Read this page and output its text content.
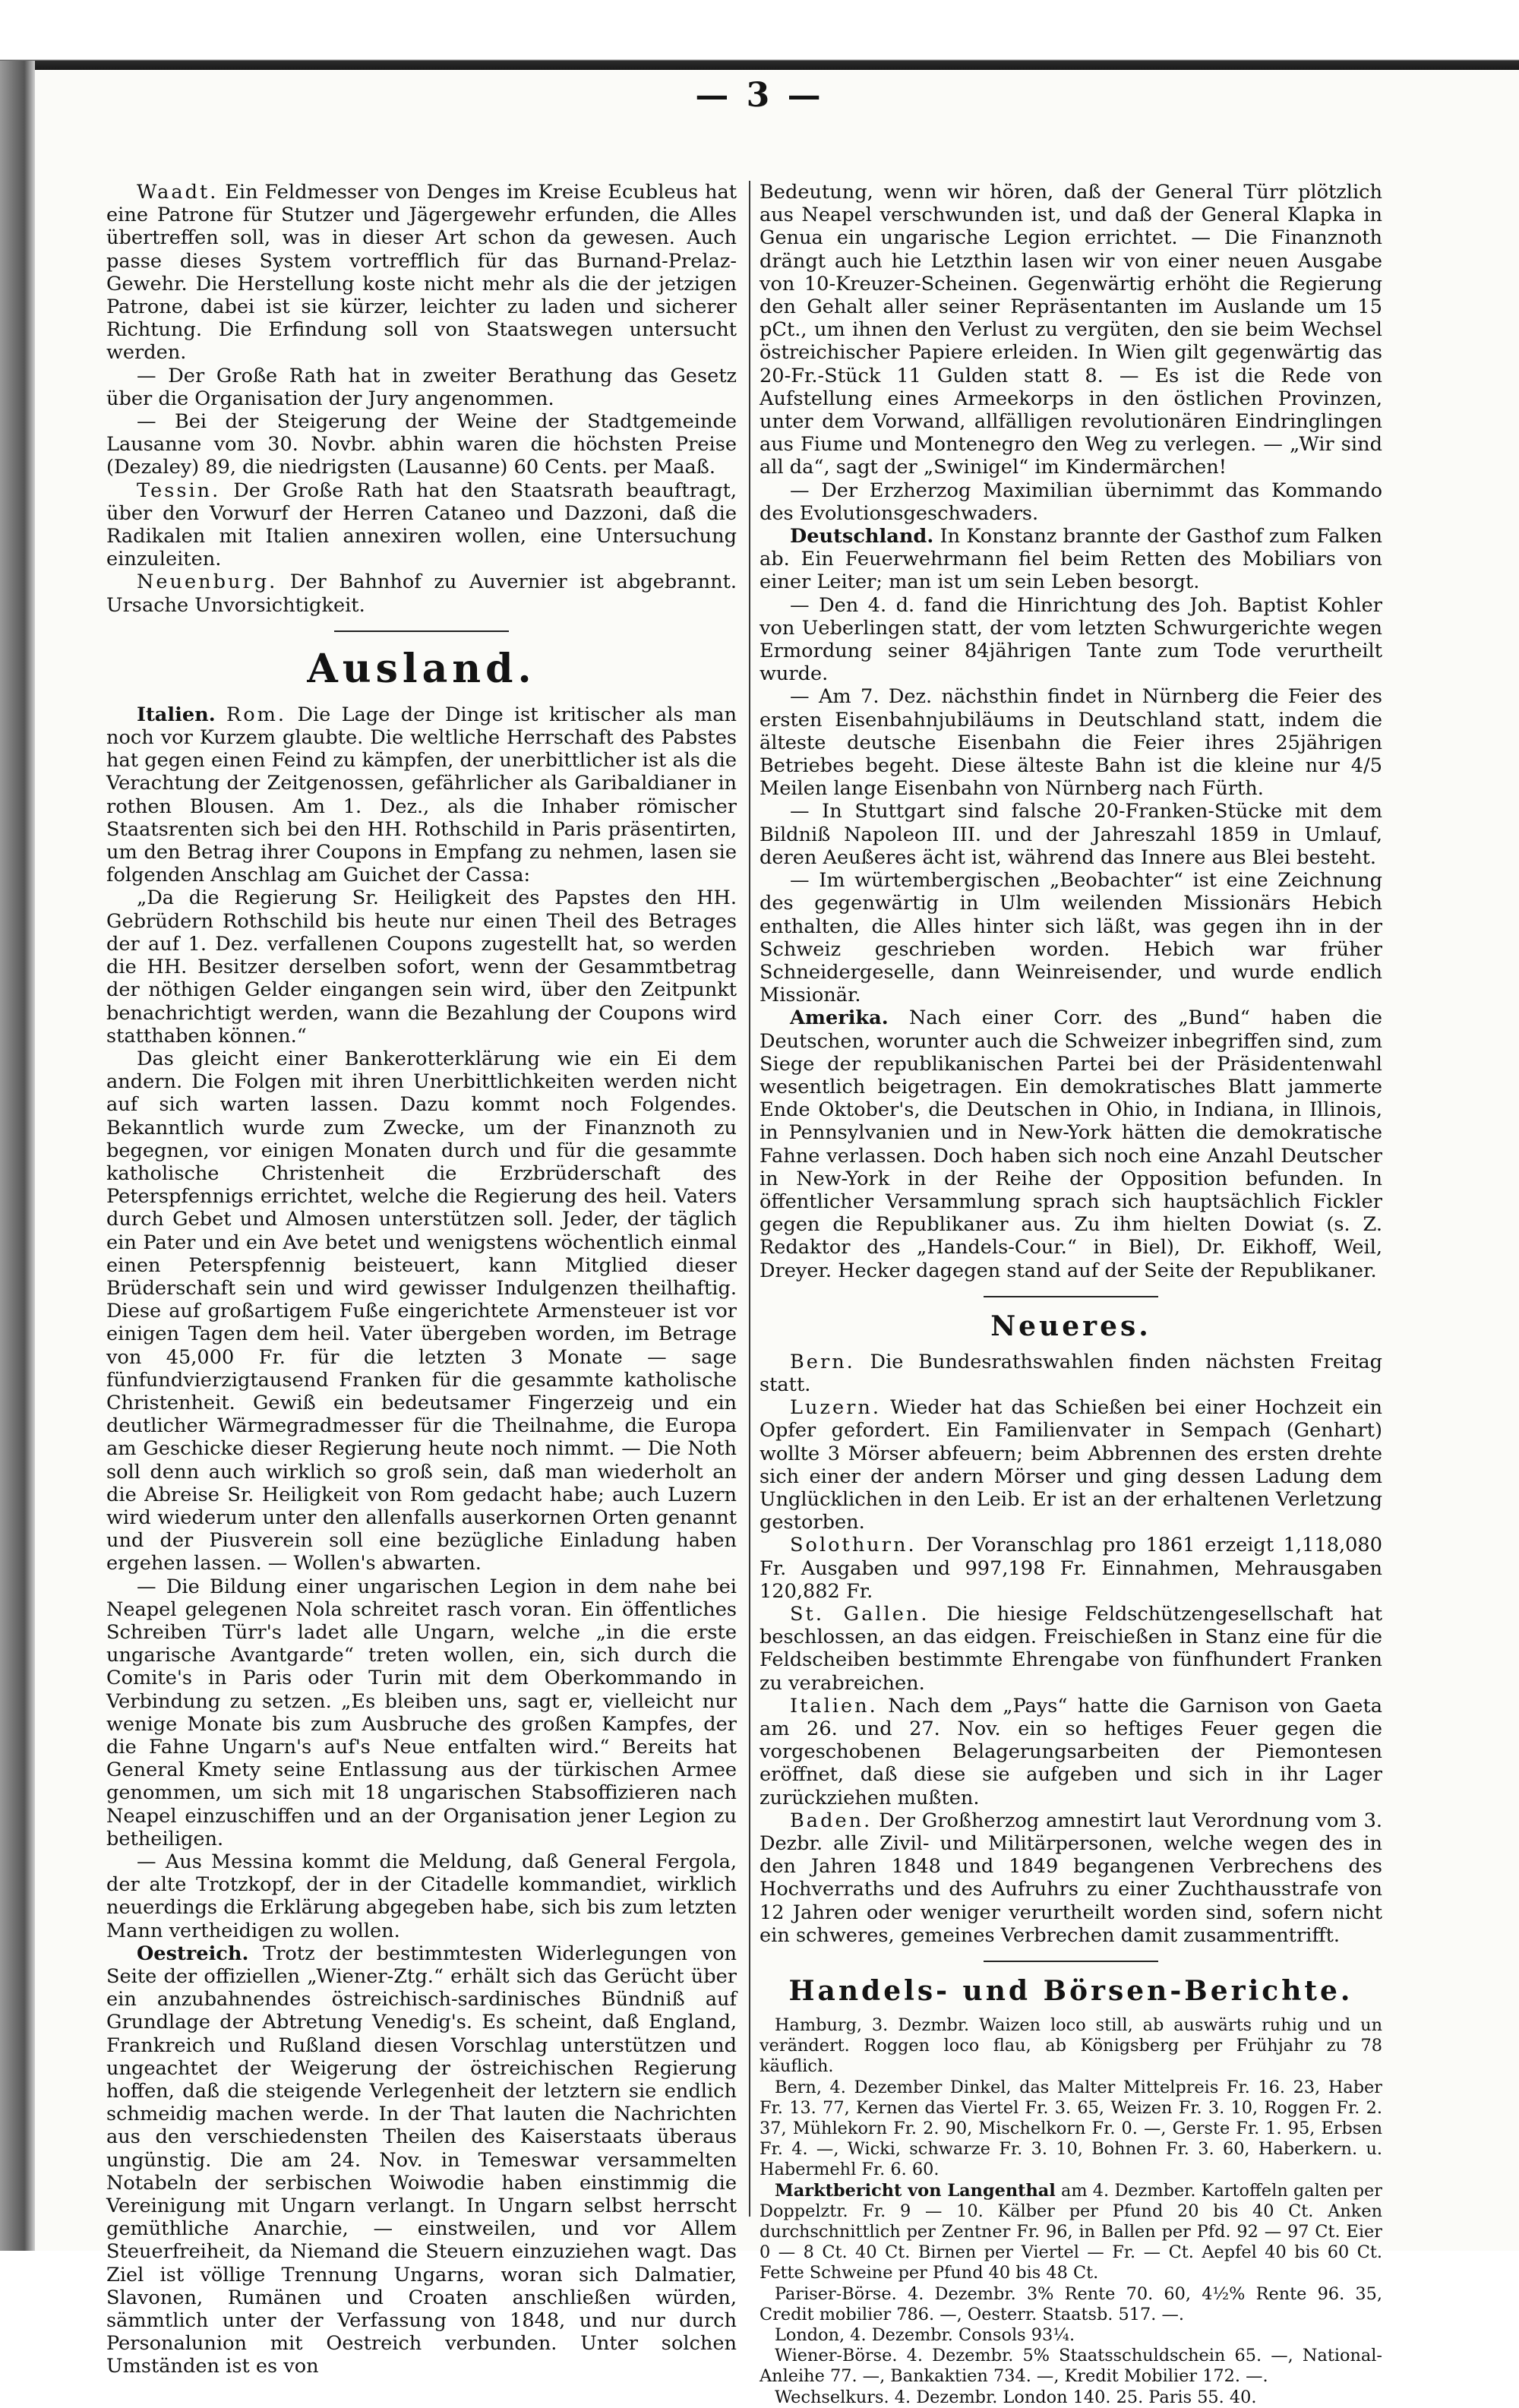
— 3 —

Waadt. Ein Feldmesser von Denges im Kreise Ecubleus hat eine Patrone für Stutzer und Jägergewehr erfunden, die Alles übertreffen soll, was in dieser Art schon da gewesen. Auch passe dieses System vortrefflich für das Burnand-Prelaz-Gewehr. Die Herstellung koste nicht mehr als die der jetzigen Patrone, dabei ist sie kürzer, leichter zu laden und sicherer Richtung. Die Erfindung soll von Staatswegen untersucht werden.

— Der Große Rath hat in zweiter Berathung das Gesetz über die Organisation der Jury angenommen.

— Bei der Steigerung der Weine der Stadtgemeinde Lausanne vom 30. Novbr. abhin waren die höchsten Preise (Dezaley) 89, die niedrigsten (Lausanne) 60 Cents. per Maaß.

Tessin. Der Große Rath hat den Staatsrath beauftragt, über den Vorwurf der Herren Cataneo und Dazzoni, daß die Radikalen mit Italien annexiren wollen, eine Untersuchung einzuleiten.

Neuenburg. Der Bahnhof zu Auvernier ist abgebrannt. Ursache Unvorsichtigkeit.

Ausland.

Italien. Rom. Die Lage der Dinge ist kritischer als man noch vor Kurzem glaubte. Die weltliche Herrschaft des Pabstes hat gegen einen Feind zu kämpfen, der unerbittlicher ist als die Verachtung der Zeitgenossen, gefährlicher als Garibaldianer in rothen Blousen. Am 1. Dez., als die Inhaber römischer Staatsrenten sich bei den HH. Rothschild in Paris präsentirten, um den Betrag ihrer Coupons in Empfang zu nehmen, lasen sie folgenden Anschlag am Guichet der Cassa:

„Da die Regierung Sr. Heiligkeit des Papstes den HH. Gebrüdern Rothschild bis heute nur einen Theil des Betrages der auf 1. Dez. verfallenen Coupons zugestellt hat, so werden die HH. Besitzer derselben sofort, wenn der Gesammtbetrag der nöthigen Gelder eingangen sein wird, über den Zeitpunkt benachrichtigt werden, wann die Bezahlung der Coupons wird statthaben können.“

Das gleicht einer Bankerotterklärung wie ein Ei dem andern. Die Folgen mit ihren Unerbittlichkeiten werden nicht auf sich warten lassen. Dazu kommt noch Folgendes. Bekanntlich wurde zum Zwecke, um der Finanznoth zu begegnen, vor einigen Monaten durch und für die gesammte katholische Christenheit die Erzbrüderschaft des Peterspfennigs errichtet, welche die Regierung des heil. Vaters durch Gebet und Almosen unterstützen soll. Jeder, der täglich ein Pater und ein Ave betet und wenigstens wöchentlich einmal einen Peterspfennig beisteuert, kann Mitglied dieser Brüderschaft sein und wird gewisser Indulgenzen theilhaftig. Diese auf großartigem Fuße eingerichtete Armensteuer ist vor einigen Tagen dem heil. Vater übergeben worden, im Betrage von 45,000 Fr. für die letzten 3 Monate — sage fünfundvierzigtausend Franken für die gesammte katholische Christenheit. Gewiß ein bedeutsamer Fingerzeig und ein deutlicher Wärmegradmesser für die Theilnahme, die Europa am Geschicke dieser Regierung heute noch nimmt. — Die Noth soll denn auch wirklich so groß sein, daß man wiederholt an die Abreise Sr. Heiligkeit von Rom gedacht habe; auch Luzern wird wiederum unter den allenfalls auserkornen Orten genannt und der Piusverein soll eine bezügliche Einladung haben ergehen lassen. — Wollen's abwarten.

— Die Bildung einer ungarischen Legion in dem nahe bei Neapel gelegenen Nola schreitet rasch voran. Ein öffentliches Schreiben Türr's ladet alle Ungarn, welche „in die erste ungarische Avantgarde“ treten wollen, ein, sich durch die Comite's in Paris oder Turin mit dem Oberkommando in Verbindung zu setzen. „Es bleiben uns, sagt er, vielleicht nur wenige Monate bis zum Ausbruche des großen Kampfes, der die Fahne Ungarn's auf's Neue entfalten wird.“ Bereits hat General Kmety seine Entlassung aus der türkischen Armee genommen, um sich mit 18 ungarischen Stabsoffizieren nach Neapel einzuschiffen und an der Organisation jener Legion zu betheiligen.

— Aus Messina kommt die Meldung, daß General Fergola, der alte Trotzkopf, der in der Citadelle kommandiet, wirklich neuerdings die Erklärung abgegeben habe, sich bis zum letzten Mann vertheidigen zu wollen.

Oestreich. Trotz der bestimmtesten Widerlegungen von Seite der offiziellen „Wiener-Ztg.“ erhält sich das Gerücht über ein anzubahnendes östreichisch-sardinisches Bündniß auf Grundlage der Abtretung Venedig's. Es scheint, daß England, Frankreich und Rußland diesen Vorschlag unterstützen und ungeachtet der Weigerung der östreichischen Regierung hoffen, daß die steigende Verlegenheit der letztern sie endlich schmeidig machen werde. In der That lauten die Nachrichten aus den verschiedensten Theilen des Kaiserstaats überaus ungünstig. Die am 24. Nov. in Temeswar versammelten Notabeln der serbischen Woiwodie haben einstimmig die Vereinigung mit Ungarn verlangt. In Ungarn selbst herrscht gemüthliche Anarchie, — einstweilen, und vor Allem Steuerfreiheit, da Niemand die Steuern einzuziehen wagt. Das Ziel ist völlige Trennung Ungarns, woran sich Dalmatier, Slavonen, Rumänen und Croaten anschließen würden, sämmtlich unter der Verfassung von 1848, und nur durch Personalunion mit Oestreich verbunden. Unter solchen Umständen ist es von

Bedeutung, wenn wir hören, daß der General Türr plötzlich aus Neapel verschwunden ist, und daß der General Klapka in Genua ein ungarische Legion errichtet. — Die Finanznoth drängt auch hie Letzthin lasen wir von einer neuen Ausgabe von 10-Kreuzer-Scheinen. Gegenwärtig erhöht die Regierung den Gehalt aller seiner Repräsentanten im Auslande um 15 pCt., um ihnen den Verlust zu vergüten, den sie beim Wechsel östreichischer Papiere erleiden. In Wien gilt gegenwärtig das 20-Fr.-Stück 11 Gulden statt 8. — Es ist die Rede von Aufstellung eines Armeekorps in den östlichen Provinzen, unter dem Vorwand, allfälligen revolutionären Eindringlingen aus Fiume und Montenegro den Weg zu verlegen. — „Wir sind all da“, sagt der „Swinigel“ im Kindermärchen!

— Der Erzherzog Maximilian übernimmt das Kommando des Evolutionsgeschwaders.

Deutschland. In Konstanz brannte der Gasthof zum Falken ab. Ein Feuerwehrmann fiel beim Retten des Mobiliars von einer Leiter; man ist um sein Leben besorgt.

— Den 4. d. fand die Hinrichtung des Joh. Baptist Kohler von Ueberlingen statt, der vom letzten Schwurgerichte wegen Ermordung seiner 84jährigen Tante zum Tode verurtheilt wurde.

— Am 7. Dez. nächsthin findet in Nürnberg die Feier des ersten Eisenbahnjubiläums in Deutschland statt, indem die älteste deutsche Eisenbahn die Feier ihres 25jährigen Betriebes begeht. Diese älteste Bahn ist die kleine nur 4/5 Meilen lange Eisenbahn von Nürnberg nach Fürth.

— In Stuttgart sind falsche 20-Franken-Stücke mit dem Bildniß Napoleon III. und der Jahreszahl 1859 in Umlauf, deren Aeußeres ächt ist, während das Innere aus Blei besteht.

— Im würtembergischen „Beobachter“ ist eine Zeichnung des gegenwärtig in Ulm weilenden Missionärs Hebich enthalten, die Alles hinter sich läßt, was gegen ihn in der Schweiz geschrieben worden. Hebich war früher Schneidergeselle, dann Weinreisender, und wurde endlich Missionär.

Amerika. Nach einer Corr. des „Bund“ haben die Deutschen, worunter auch die Schweizer inbegriffen sind, zum Siege der republikanischen Partei bei der Präsidentenwahl wesentlich beigetragen. Ein demokratisches Blatt jammerte Ende Oktober's, die Deutschen in Ohio, in Indiana, in Illinois, in Pennsylvanien und in New-York hätten die demokratische Fahne verlassen. Doch haben sich noch eine Anzahl Deutscher in New-York in der Reihe der Opposition befunden. In öffentlicher Versammlung sprach sich hauptsächlich Fickler gegen die Republikaner aus. Zu ihm hielten Dowiat (s. Z. Redaktor des „Handels-Cour.“ in Biel), Dr. Eikhoff, Weil, Dreyer. Hecker dagegen stand auf der Seite der Republikaner.

Neueres.

Bern. Die Bundesrathswahlen finden nächsten Freitag statt.

Luzern. Wieder hat das Schießen bei einer Hochzeit ein Opfer gefordert. Ein Familienvater in Sempach (Genhart) wollte 3 Mörser abfeuern; beim Abbrennen des ersten drehte sich einer der andern Mörser und ging dessen Ladung dem Unglücklichen in den Leib. Er ist an der erhaltenen Verletzung gestorben.

Solothurn. Der Voranschlag pro 1861 erzeigt 1,118,080 Fr. Ausgaben und 997,198 Fr. Einnahmen, Mehrausgaben 120,882 Fr.

St. Gallen. Die hiesige Feldschützengesellschaft hat beschlossen, an das eidgen. Freischießen in Stanz eine für die Feldscheiben bestimmte Ehrengabe von fünfhundert Franken zu verabreichen.

Italien. Nach dem „Pays“ hatte die Garnison von Gaeta am 26. und 27. Nov. ein so heftiges Feuer gegen die vorgeschobenen Belagerungsarbeiten der Piemontesen eröffnet, daß diese sie aufgeben und sich in ihr Lager zurückziehen mußten.

Baden. Der Großherzog amnestirt laut Verordnung vom 3. Dezbr. alle Zivil- und Militärpersonen, welche wegen des in den Jahren 1848 und 1849 begangenen Verbrechens des Hochverraths und des Aufruhrs zu einer Zuchthausstrafe von 12 Jahren oder weniger verurtheilt worden sind, sofern nicht ein schweres, gemeines Verbrechen damit zusammentrifft.

Handels- und Börsen-Berichte.

Hamburg, 3. Dezmbr. Waizen loco still, ab auswärts ruhig und un verändert. Roggen loco flau, ab Königsberg per Frühjahr zu 78 käuflich.

Bern, 4. Dezember Dinkel, das Malter Mittelpreis Fr. 16. 23, Haber Fr. 13. 77, Kernen das Viertel Fr. 3. 65, Weizen Fr. 3. 10, Roggen Fr. 2. 37, Mühlekorn Fr. 2. 90, Mischelkorn Fr. 0. —, Gerste Fr. 1. 95, Erbsen Fr. 4. —, Wicki, schwarze Fr. 3. 10, Bohnen Fr. 3. 60, Haberkern. u. Habermehl Fr. 6. 60.

Marktbericht von Langenthal am 4. Dezmber. Kartoffeln galten per Doppelztr. Fr. 9 — 10. Kälber per Pfund 20 bis 40 Ct. Anken durchschnittlich per Zentner Fr. 96, in Ballen per Pfd. 92 — 97 Ct. Eier 0 — 8 Ct. 40 Ct. Birnen per Viertel — Fr. — Ct. Aepfel 40 bis 60 Ct. Fette Schweine per Pfund 40 bis 48 Ct.

Pariser-Börse. 4. Dezembr. 3% Rente 70. 60, 4½% Rente 96. 35, Credit mobilier 786. —, Oesterr. Staatsb. 517. —.

London, 4. Dezembr. Consols 93¼.

Wiener-Börse. 4. Dezembr. 5% Staatsschuldschein 65. —, National-Anleihe 77. —, Bankaktien 734. —, Kredit Mobilier 172. —.

Wechselkurs. 4. Dezembr. London 140. 25. Paris 55. 40.
